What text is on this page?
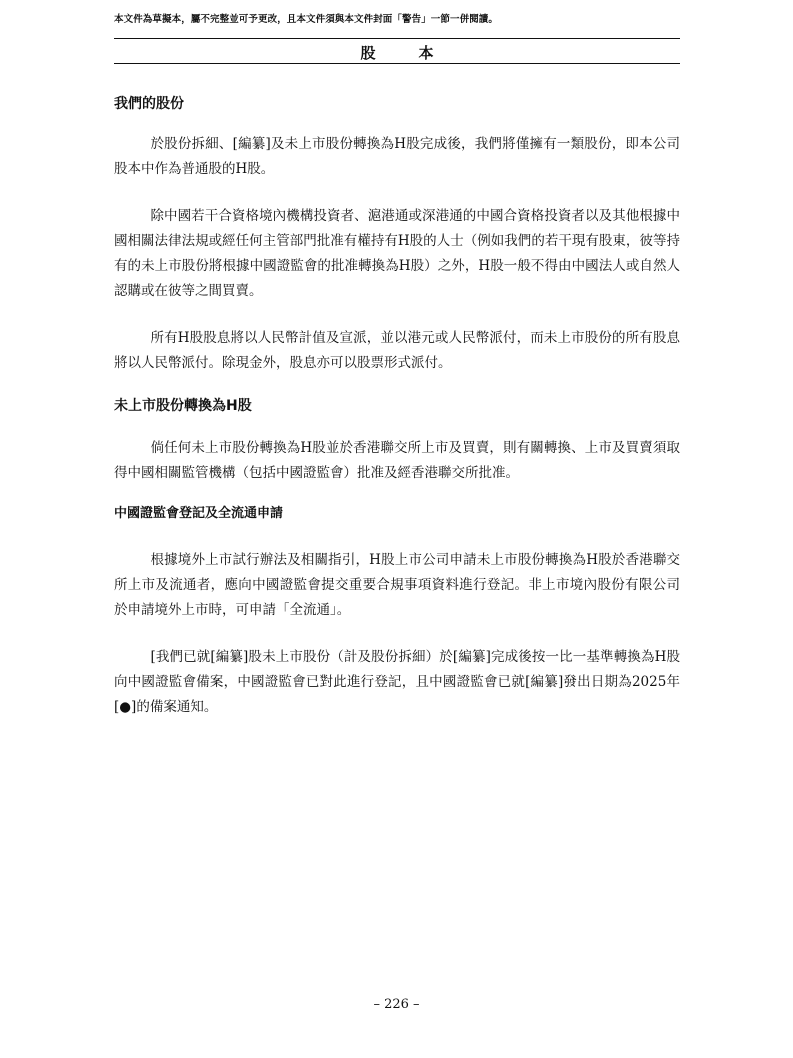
本文件為草擬本，屬不完整並可予更改，且本文件須與本文件封面「警告」一節一併閱讀。
股　本
我們的股份

於股份拆細、[編纂]及未上市股份轉換為H股完成後，我們將僅擁有一類股份，即本公司股本中作為普通股的H股。

除中國若干合資格境內機構投資者、滬港通或深港通的中國合資格投資者以及其他根據中國相關法律法規或經任何主管部門批准有權持有H股的人士（例如我們的若干現有股東，彼等持有的未上市股份將根據中國證監會的批准轉換為H股）之外，H股一般不得由中國法人或自然人認購或在彼等之間買賣。

所有H股股息將以人民幣計值及宣派，並以港元或人民幣派付，而未上市股份的所有股息將以人民幣派付。除現金外，股息亦可以股票形式派付。

未上市股份轉換為H股

倘任何未上市股份轉換為H股並於香港聯交所上市及買賣，則有關轉換、上市及買賣須取得中國相關監管機構（包括中國證監會）批准及經香港聯交所批准。

中國證監會登記及全流通申請

根據境外上市試行辦法及相關指引，H股上市公司申請未上市股份轉換為H股於香港聯交所上市及流通者，應向中國證監會提交重要合規事項資料進行登記。非上市境內股份有限公司於申請境外上市時，可申請「全流通」。

[我們已就[編纂]股未上市股份（計及股份拆細）於[編纂]完成後按一比一基準轉換為H股向中國證監會備案，中國證監會已對此進行登記，且中國證監會已就[編纂]發出日期為2025年[●]的備案通知。

– 226 –
